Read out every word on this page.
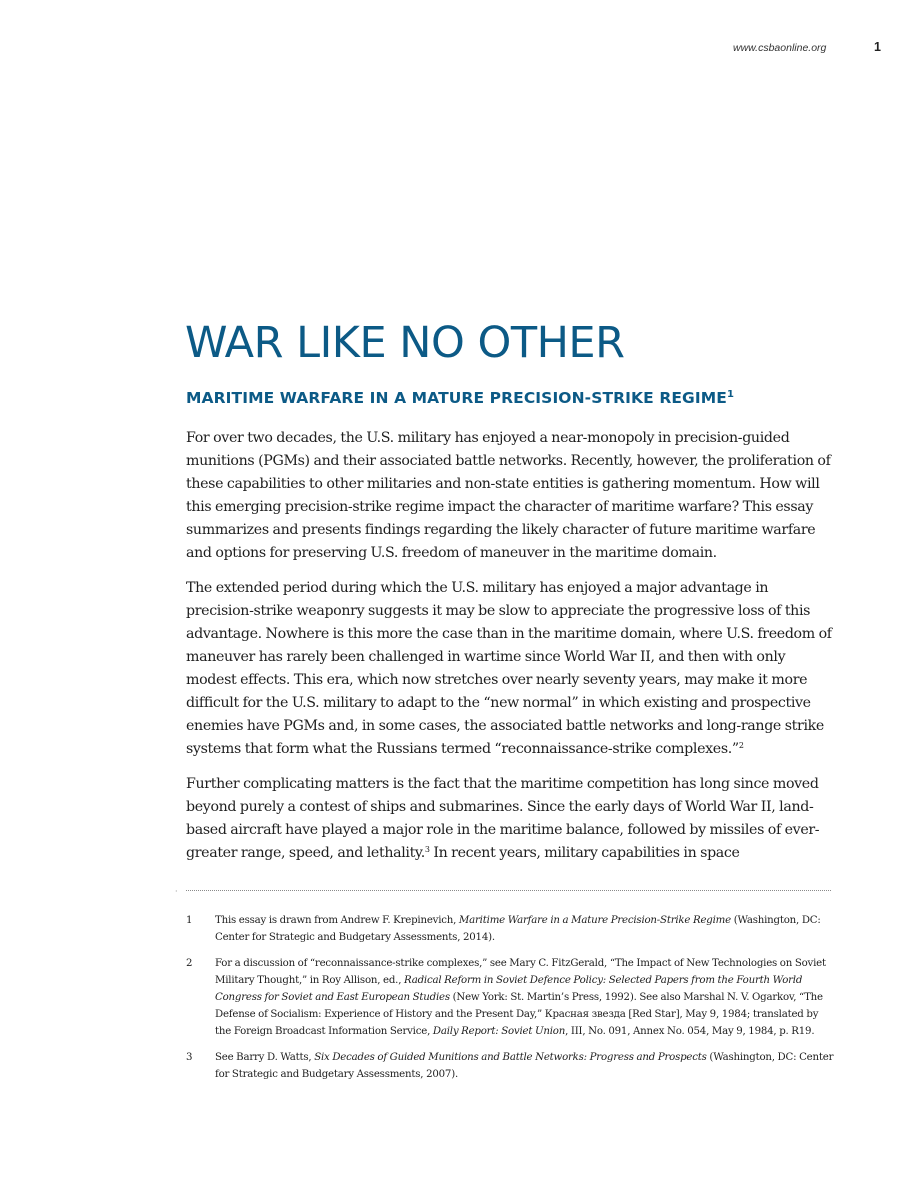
www.csbaonline.org	1
WAR LIKE NO OTHER
MARITIME WARFARE IN A MATURE PRECISION-STRIKE REGIME$^1$

For over two decades, the U.S. military has enjoyed a near-monopoly in precision-guided munitions (PGMs) and their associated battle networks. Recently, however, the proliferation of these capabilities to other militaries and non-state entities is gathering momentum. How will this emerging precision-strike regime impact the character of maritime warfare? This essay summarizes and presents findings regarding the likely character of future maritime warfare and options for preserving U.S. freedom of maneuver in the maritime domain.

The extended period during which the U.S. military has enjoyed a major advantage in precision-strike weaponry suggests it may be slow to appreciate the progressive loss of this advantage. Nowhere is this more the case than in the maritime domain, where U.S. freedom of maneuver has rarely been challenged in wartime since World War II, and then with only modest effects. This era, which now stretches over nearly seventy years, may make it more difficult for the U.S. military to adapt to the “new normal” in which existing and prospective enemies have PGMs and, in some cases, the associated battle networks and long-range strike systems that form what the Russians termed “reconnaissance-strike complexes.”$^2$

Further complicating matters is the fact that the maritime competition has long since moved beyond purely a contest of ships and submarines. Since the early days of World War II, land-based aircraft have played a major role in the maritime balance, followed by missiles of ever-greater range, speed, and lethality.$^3$ In recent years, military capabilities in space

·
1	This essay is drawn from Andrew F. Krepinevich, Maritime Warfare in a Mature Precision-Strike Regime (Washington, DC: Center for Strategic and Budgetary Assessments, 2014).
2	For a discussion of “reconnaissance-strike complexes,” see Mary C. FitzGerald, “The Impact of New Technologies on Soviet Military Thought,” in Roy Allison, ed., Radical Reform in Soviet Defence Policy: Selected Papers from the Fourth World Congress for Soviet and East European Studies (New York: St. Martin’s Press, 1992). See also Marshal N. V. Ogarkov, “The Defense of Socialism: Experience of History and the Present Day,” Красная звезда [Red Star], May 9, 1984; translated by the Foreign Broadcast Information Service, Daily Report: Soviet Union, III, No. 091, Annex No. 054, May 9, 1984, p. R19.
3	See Barry D. Watts, Six Decades of Guided Munitions and Battle Networks: Progress and Prospects (Washington, DC: Center for Strategic and Budgetary Assessments, 2007).
